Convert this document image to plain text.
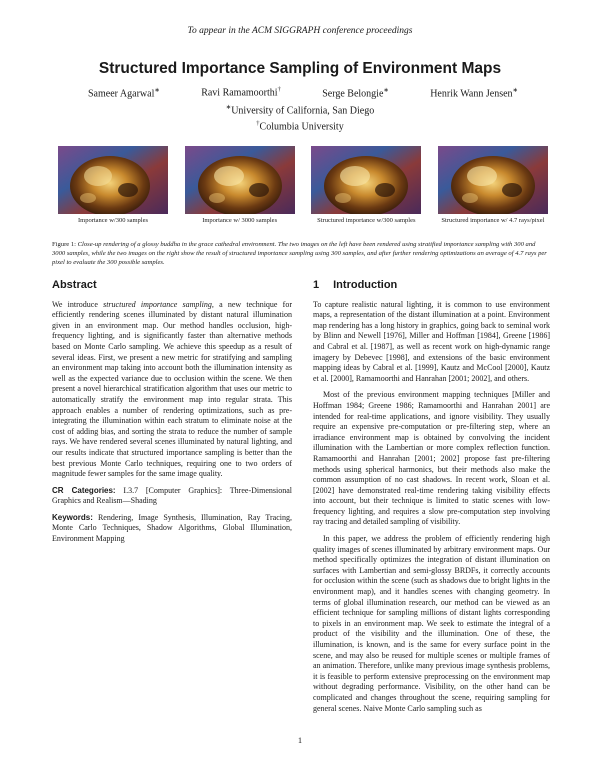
To appear in the ACM SIGGRAPH conference proceedings
Structured Importance Sampling of Environment Maps
Sameer Agarwal∗	Ravi Ramamoorthi†	Serge Belongie∗	Henrik Wann Jensen∗
∗University of California, San Diego
†Columbia University
Importance w/300 samples	Importance w/ 3000 samples	Structured importance w/300 samples	Structured importance w/ 4.7 rays/pixel
Figure 1: Close-up rendering of a glossy buddha in the grace cathedral environment. The two images on the left have been rendered using stratified importance sampling with 300 and 3000 samples, while the two images on the right show the result of structured importance sampling using 300 samples, and after further rendering optimizations an average of 4.7 rays per pixel to evaluate the 300 possible samples.
Abstract

We introduce structured importance sampling, a new technique for efficiently rendering scenes illuminated by distant natural illumination given in an environment map. Our method handles occlusion, high-frequency lighting, and is significantly faster than alternative methods based on Monte Carlo sampling. We achieve this speedup as a result of several ideas. First, we present a new metric for stratifying and sampling an environment map taking into account both the illumination intensity as well as the expected variance due to occlusion within the scene. We then present a novel hierarchical stratification algorithm that uses our metric to automatically stratify the environment map into regular strata. This approach enables a number of rendering optimizations, such as pre-integrating the illumination within each stratum to eliminate noise at the cost of adding bias, and sorting the strata to reduce the number of sample rays. We have rendered several scenes illuminated by natural lighting, and our results indicate that structured importance sampling is better than the best previous Monte Carlo techniques, requiring one to two orders of magnitude fewer samples for the same image quality.

CR Categories: I.3.7 [Computer Graphics]: Three-Dimensional Graphics and Realism—Shading

Keywords: Rendering, Image Synthesis, Illumination, Ray Tracing, Monte Carlo Techniques, Shadow Algorithms, Global Illumination, Environment Mapping

1 Introduction

To capture realistic natural lighting, it is common to use environment maps, a representation of the distant illumination at a point. Environment map rendering has a long history in graphics, going back to seminal work by Blinn and Newell [1976], Miller and Hoffman [1984], Greene [1986] and Cabral et al. [1987], as well as recent work on high-dynamic range imagery by Debevec [1998], and extensions of the basic environment mapping ideas by Cabral et al. [1999], Kautz and McCool [2000], Kautz et al. [2000], Ramamoorthi and Hanrahan [2001; 2002], and others.

Most of the previous environment mapping techniques [Miller and Hoffman 1984; Greene 1986; Ramamoorthi and Hanrahan 2001] are intended for real-time applications, and ignore visibility. They usually require an expensive pre-computation or pre-filtering step, where an irradiance environment map is obtained by convolving the incident illumination with the Lambertian or more complex reflection function. Ramamoorthi and Hanrahan [2001; 2002] propose fast pre-filtering methods using spherical harmonics, but their methods also make the common assumption of no cast shadows. In recent work, Sloan et al. [2002] have demonstrated real-time rendering taking visibility effects into account, but their technique is limited to static scenes with low-frequency lighting, and requires a slow pre-computation step involving ray tracing and detailed sampling of visibility.

In this paper, we address the problem of efficiently rendering high quality images of scenes illuminated by arbitrary environment maps. Our method specifically optimizes the integration of distant illumination on surfaces with Lambertian and semi-glossy BRDFs, it correctly accounts for occlusion within the scene (such as shadows due to bright lights in the environment map), and it handles scenes with changing geometry. In terms of global illumination research, our method can be viewed as an efficient technique for sampling millions of distant lights corresponding to pixels in an environment map. We seek to estimate the integral of a product of the visibility and the illumination. One of these, the illumination, is known, and is the same for every surface point in the scene, and may also be reused for multiple scenes or multiple frames of an animation. Therefore, unlike many previous image synthesis problems, it is feasible to perform extensive preprocessing on the environment map without degrading performance. Visibility, on the other hand can be complicated and changes throughout the scene, requiring sampling for general scenes. Naive Monte Carlo sampling such as

1
